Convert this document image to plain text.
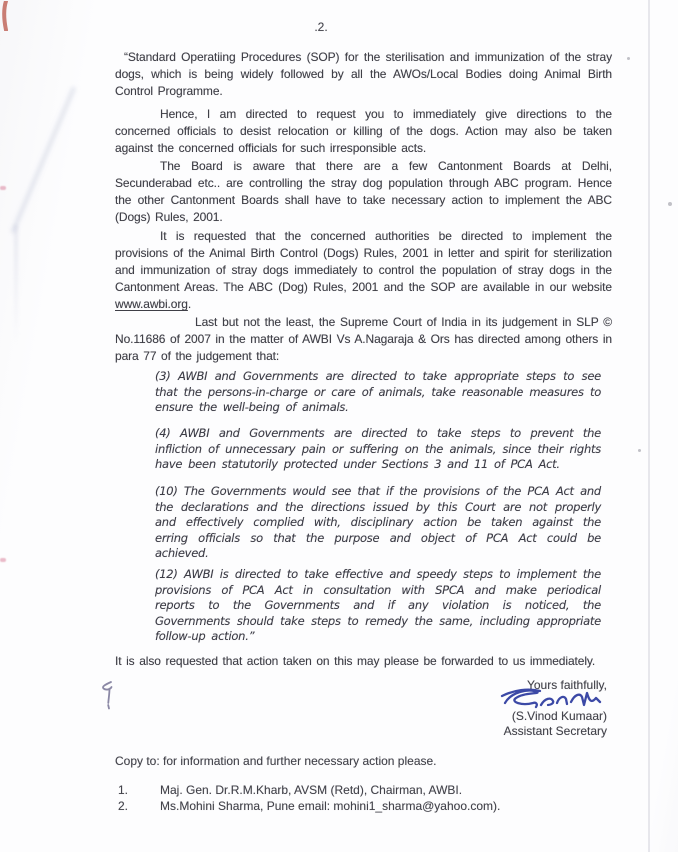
.2.
“Standard Operatiing Procedures (SOP) for the sterilisation and immunization of the stray dogs, which is being widely followed by all the AWOs/Local Bodies doing Animal Birth Control Programme.
Hence, I am directed to request you to immediately give directions to the concerned officials to desist relocation or killing of the dogs. Action may also be taken against the concerned officials for such irresponsible acts.
The Board is aware that there are a few Cantonment Boards at Delhi, Secunderabad etc.. are controlling the stray dog population through ABC program. Hence the other Cantonment Boards shall have to take necessary action to implement the ABC (Dogs) Rules, 2001.
It is requested that the concerned authorities be directed to implement the provisions of the Animal Birth Control (Dogs) Rules, 2001 in letter and spirit for sterilization and immunization of stray dogs immediately to control the population of stray dogs in the Cantonment Areas. The ABC (Dog) Rules, 2001 and the SOP are available in our website www.awbi.org.
Last but not the least, the Supreme Court of India in its judgement in SLP © No.11686 of 2007 in the matter of AWBI Vs A.Nagaraja & Ors has directed among others in para 77 of the judgement that:
(3) AWBI and Governments are directed to take appropriate steps to see that the persons-in-charge or care of animals, take reasonable measures to ensure the well-being of animals.
(4) AWBI and Governments are directed to take steps to prevent the infliction of unnecessary pain or suffering on the animals, since their rights have been statutorily protected under Sections 3 and 11 of PCA Act.
(10) The Governments would see that if the provisions of the PCA Act and the declarations and the directions issued by this Court are not properly and effectively complied with, disciplinary action be taken against the erring officials so that the purpose and object of PCA Act could be achieved.
(12) AWBI is directed to take effective and speedy steps to implement the provisions of PCA Act in consultation with SPCA and make periodical reports to the Governments and if any violation is noticed, the Governments should take steps to remedy the same, including appropriate follow-up action.”
It is also requested that action taken on this may please be forwarded to us immediately.
Yours faithfully,
(S.Vinod Kumaar)
Assistant Secretary
Copy to: for information and further necessary action please.
1.	Maj. Gen. Dr.R.M.Kharb, AVSM (Retd), Chairman, AWBI.
2.	Ms.Mohini Sharma, Pune email: mohini1_sharma@yahoo.com).
